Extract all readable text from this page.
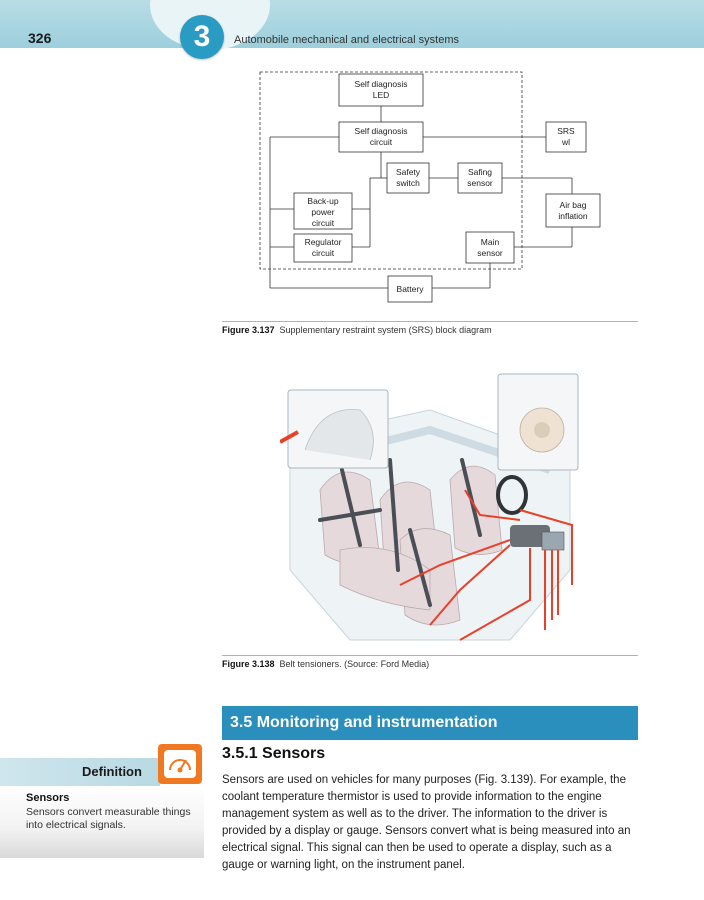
3
326	Automobile mechanical and electrical systems
Self diagnosis
LED
Self diagnosis
circuit
SRS
wl
Safety
switch
Safing
sensor
Back-up
power
circuit
Air bag
inflation
Regulator
circuit
Main
sensor
Battery
Figure 3.137 Supplementary restraint system (SRS) block diagram
Figure 3.138 Belt tensioners. (Source: Ford Media)
3.5 Monitoring and instrumentation
3.5.1 Sensors
Sensors are used on vehicles for many purposes (Fig. 3.139). For example, the coolant temperature thermistor is used to provide information to the engine management system as well as to the driver. The information to the driver is provided by a display or gauge. Sensors convert what is being measured into an electrical signal. This signal can then be used to operate a display, such as a gauge or warning light, on the instrument panel.
Definition
Sensors
Sensors convert measurable things into electrical signals.
